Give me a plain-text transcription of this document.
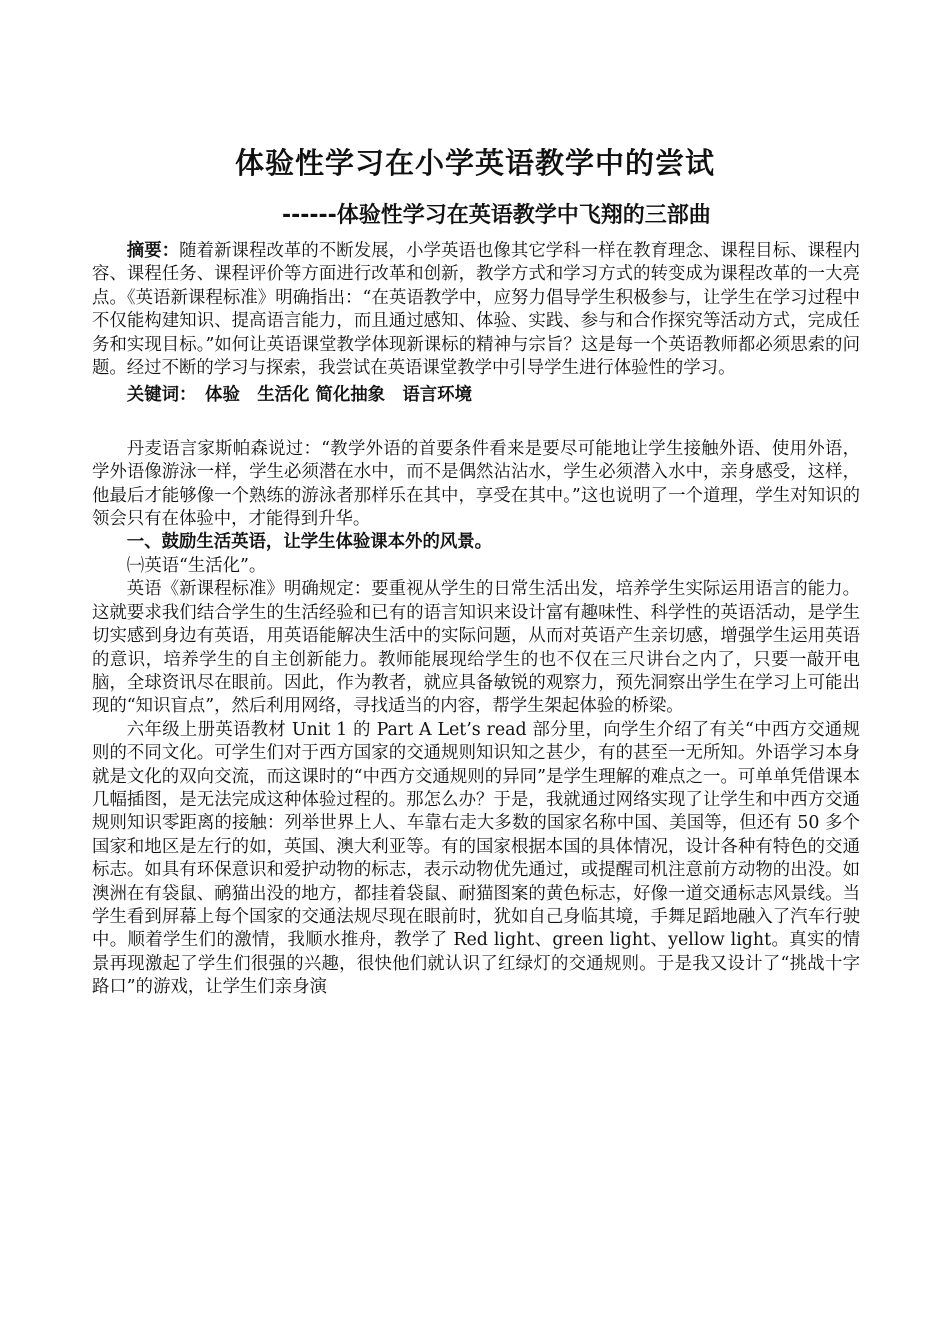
体验性学习在小学英语教学中的尝试
------体验性学习在英语教学中飞翔的三部曲

摘要：随着新课程改革的不断发展，小学英语也像其它学科一样在教育理念、课程目标、课程内容、课程任务、课程评价等方面进行改革和创新，教学方式和学习方式的转变成为课程改革的一大亮点。《英语新课程标准》明确指出：“在英语教学中，应努力倡导学生积极参与，让学生在学习过程中不仅能构建知识、提高语言能力，而且通过感知、体验、实践、参与和合作探究等活动方式，完成任务和实现目标。”如何让英语课堂教学体现新课标的精神与宗旨？这是每一个英语教师都必须思索的问题。经过不断的学习与探索，我尝试在英语课堂教学中引导学生进行体验性的学习。

关键词：　体验　生活化 简化抽象　语言环境

丹麦语言家斯帕森说过：“教学外语的首要条件看来是要尽可能地让学生接触外语、使用外语，学外语像游泳一样，学生必须潜在水中，而不是偶然沾沾水，学生必须潜入水中，亲身感受，这样，他最后才能够像一个熟练的游泳者那样乐在其中，享受在其中。”这也说明了一个道理，学生对知识的领会只有在体验中，才能得到升华。

一、鼓励生活英语，让学生体验课本外的风景。

㈠英语“生活化”。

英语《新课程标准》明确规定：要重视从学生的日常生活出发，培养学生实际运用语言的能力。这就要求我们结合学生的生活经验和已有的语言知识来设计富有趣味性、科学性的英语活动，是学生切实感到身边有英语，用英语能解决生活中的实际问题，从而对英语产生亲切感，增强学生运用英语的意识，培养学生的自主创新能力。教师能展现给学生的也不仅在三尺讲台之内了，只要一敲开电脑，全球资讯尽在眼前。因此，作为教者，就应具备敏锐的观察力，预先洞察出学生在学习上可能出现的“知识盲点”，然后利用网络，寻找适当的内容，帮学生架起体验的桥梁。

六年级上册英语教材 Unit 1 的 Part A Let’s read 部分里，向学生介绍了有关“中西方交通规则的不同文化。可学生们对于西方国家的交通规则知识知之甚少，有的甚至一无所知。外语学习本身就是文化的双向交流，而这课时的“中西方交通规则的异同”是学生理解的难点之一。可单单凭借课本几幅插图，是无法完成这种体验过程的。那怎么办？于是，我就通过网络实现了让学生和中西方交通规则知识零距离的接触：列举世界上人、车靠右走大多数的国家名称中国、美国等，但还有 50 多个国家和地区是左行的如，英国、澳大利亚等。有的国家根据本国的具体情况，设计各种有特色的交通标志。如具有环保意识和爱护动物的标志，表示动物优先通过，或提醒司机注意前方动物的出没。如澳洲在有袋鼠、鸸猫出没的地方，都挂着袋鼠、耐猫图案的黄色标志，好像一道交通标志风景线。当学生看到屏幕上每个国家的交通法规尽现在眼前时，犹如自己身临其境，手舞足蹈地融入了汽车行驶中。顺着学生们的激情，我顺水推舟，教学了 Red light、green light、yellow light。真实的情景再现激起了学生们很强的兴趣，很快他们就认识了红绿灯的交通规则。于是我又设计了“挑战十字路口”的游戏，让学生们亲身演
